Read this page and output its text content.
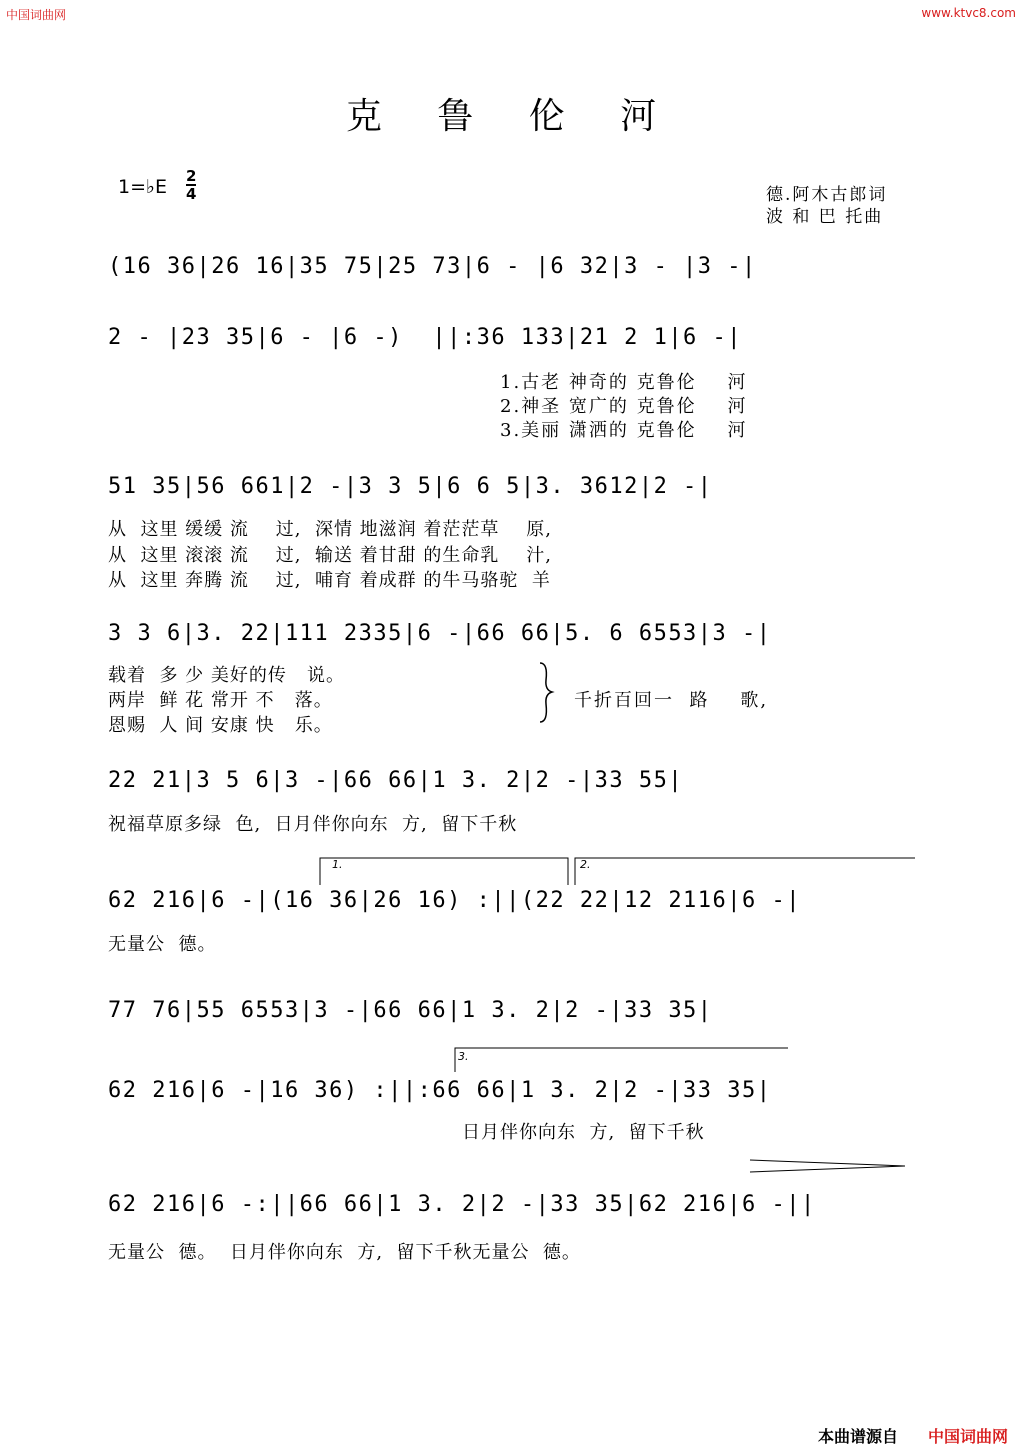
中国词曲网	www.ktvc8.com
克 鲁 伦 河
1=♭E 2
4	德.阿木古郎词
波 和 巴 托曲
(16 36|26 16|35 75|25 73|6 - |6 32|3 - |3 -|
2 - |23 35|6 - |6 -)  ||:36 133|21 2 1|6 -|
1.古老 神奇的 克鲁伦    河
2.神圣 宽广的 克鲁伦    河
3.美丽 潇洒的 克鲁伦    河
51 35|56 661|2 -|3 3 5|6 6 5|3. 3612|2 -|
从  这里 缓缓 流    过,  深情 地滋润 着茫茫草    原,
从  这里 滚滚 流    过,  输送 着甘甜 的生命乳    汁,
从  这里 奔腾 流    过,  哺育 着成群 的牛马骆驼  羊
3 3 6|3. 22|111 2335|6 -|66 66|5. 6 6553|3 -|
载着  多 少 美好的传   说。
两岸  鲜 花 常开 不   落。
恩赐  人 间 安康 快   乐。
千折百回一  路    歌,
22 21|3 5 6|3 -|66 66|1 3. 2|2 -|33 55|
祝福草原多绿  色,  日月伴你向东  方,  留下千秋
1.	2.
62 216|6 -|(16 36|26 16) :||(22 22|12 2116|6 -|
无量公  德。
77 76|55 6553|3 -|66 66|1 3. 2|2 -|33 35|
3.
62 216|6 -|16 36) :||:66 66|1 3. 2|2 -|33 35|
日月伴你向东  方,  留下千秋
62 216|6 -:||66 66|1 3. 2|2 -|33 35|62 216|6 -||
无量公  德。  日月伴你向东  方,  留下千秋无量公  德。
本曲谱源自 中国词曲网
